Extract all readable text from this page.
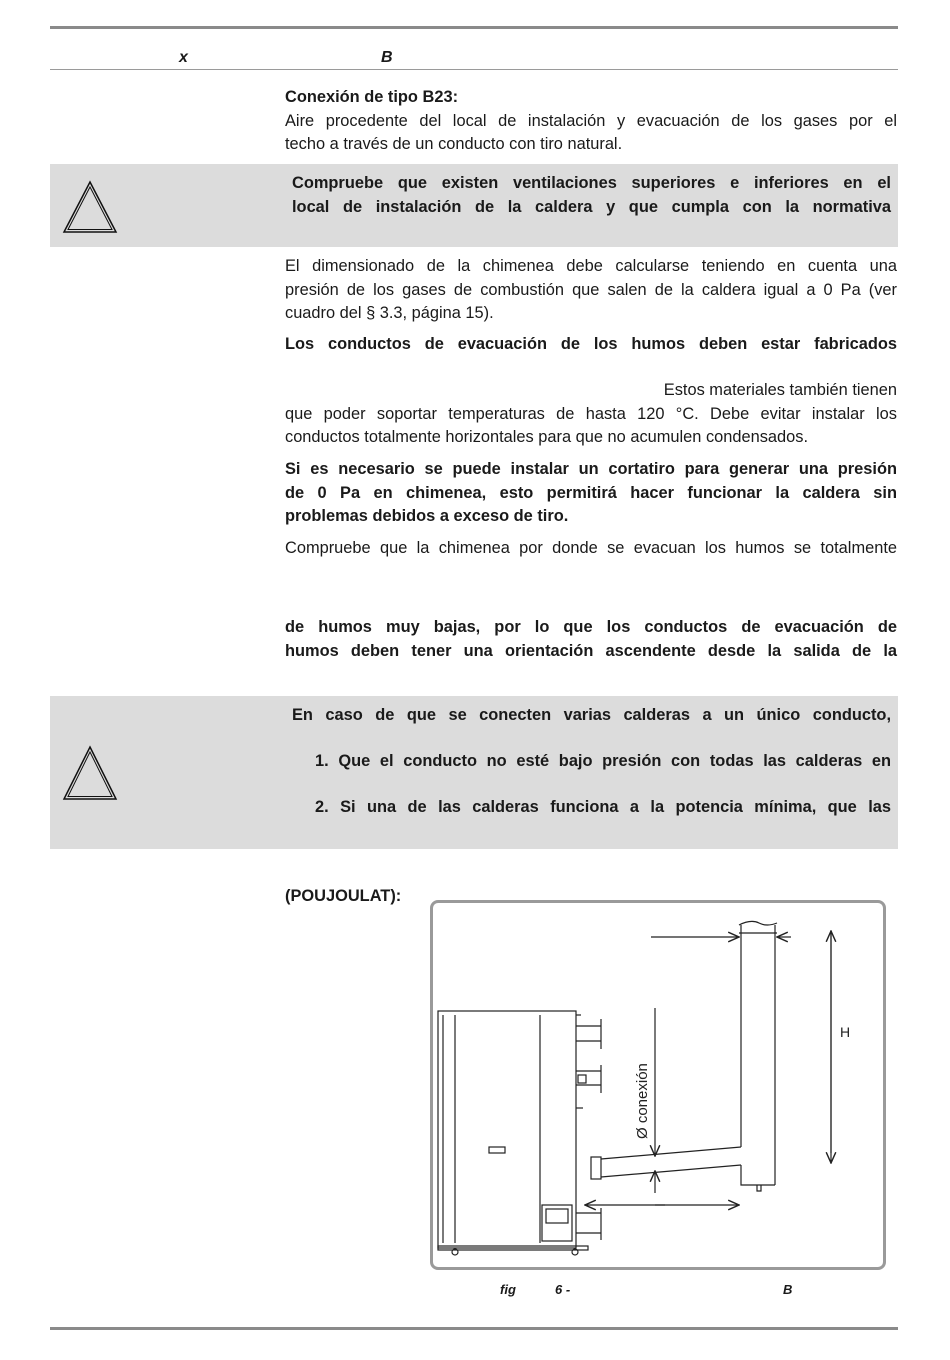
x	B
Conexión de tipo B23:
Aire procedente del local de instalación y evacuación de los gases por el
techo a través de un conducto con tiro natural.
Compruebe que existen ventilaciones superiores e inferiores en el
local de instalación de la caldera y que cumpla con la normativa
El dimensionado de la chimenea debe calcularse teniendo en cuenta una
presión de los gases de combustión que salen de la caldera igual a 0 Pa (ver
cuadro del § 3.3, página 15).
Los conductos de evacuación de los humos deben estar fabricados
Estos materiales también tienen
que poder soportar temperaturas de hasta 120 °C. Debe evitar instalar los
conductos totalmente horizontales para que no acumulen condensados.
Si es necesario se puede instalar un cortatiro para generar una presión
de 0 Pa en chimenea, esto permitirá hacer funcionar la caldera sin
problemas debidos a exceso de tiro.
Compruebe que la chimenea por donde se evacuan los humos se totalmente
de humos muy bajas, por lo que los conductos de evacuación de
humos deben tener una orientación ascendente desde la salida de la
En caso de que se conecten varias calderas a un único conducto,
1. Que el conducto no esté bajo presión con todas las calderas en
2. Si una de las calderas funciona a la potencia mínima, que las
(POUJOULAT):
H
Ø conexión
fig	6 -	B
